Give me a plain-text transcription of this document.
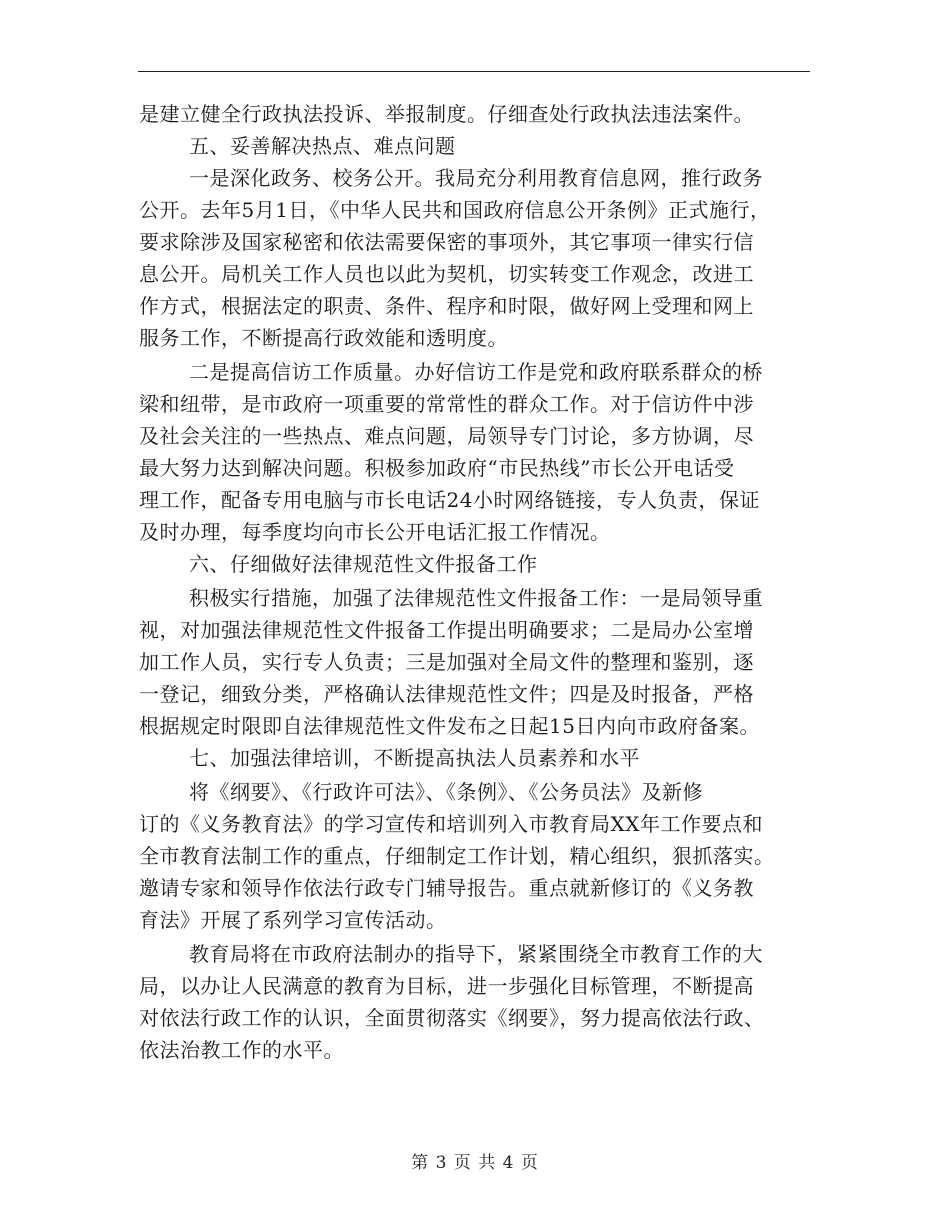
是建立健全行政执法投诉、举报制度。仔细查处行政执法违法案件。
五、妥善解决热点、难点问题
一是深化政务、校务公开。我局充分利用教育信息网，推行政务
公开。去年5月1日，《中华人民共和国政府信息公开条例》正式施行，
要求除涉及国家秘密和依法需要保密的事项外，其它事项一律实行信
息公开。局机关工作人员也以此为契机，切实转变工作观念，改进工
作方式，根据法定的职责、条件、程序和时限，做好网上受理和网上
服务工作，不断提高行政效能和透明度。
二是提高信访工作质量。办好信访工作是党和政府联系群众的桥
梁和纽带，是市政府一项重要的常常性的群众工作。对于信访件中涉
及社会关注的一些热点、难点问题，局领导专门讨论，多方协调，尽
最大努力达到解决问题。积极参加政府“市民热线”市长公开电话受
理工作，配备专用电脑与市长电话24小时网络链接，专人负责，保证
及时办理，每季度均向市长公开电话汇报工作情况。
六、仔细做好法律规范性文件报备工作
积极实行措施，加强了法律规范性文件报备工作：一是局领导重
视，对加强法律规范性文件报备工作提出明确要求；二是局办公室增
加工作人员，实行专人负责；三是加强对全局文件的整理和鉴别，逐
一登记，细致分类，严格确认法律规范性文件；四是及时报备，严格
根据规定时限即自法律规范性文件发布之日起15日内向市政府备案。
七、加强法律培训，不断提高执法人员素养和水平
将《纲要》、《行政许可法》、《条例》、《公务员法》及新修
订的《义务教育法》的学习宣传和培训列入市教育局XX年工作要点和
全市教育法制工作的重点，仔细制定工作计划，精心组织，狠抓落实。
邀请专家和领导作依法行政专门辅导报告。重点就新修订的《义务教
育法》开展了系列学习宣传活动。
教育局将在市政府法制办的指导下，紧紧围绕全市教育工作的大
局，以办让人民满意的教育为目标，进一步强化目标管理，不断提高
对依法行政工作的认识，全面贯彻落实《纲要》，努力提高依法行政、
依法治教工作的水平。
第 3 页 共 4 页
